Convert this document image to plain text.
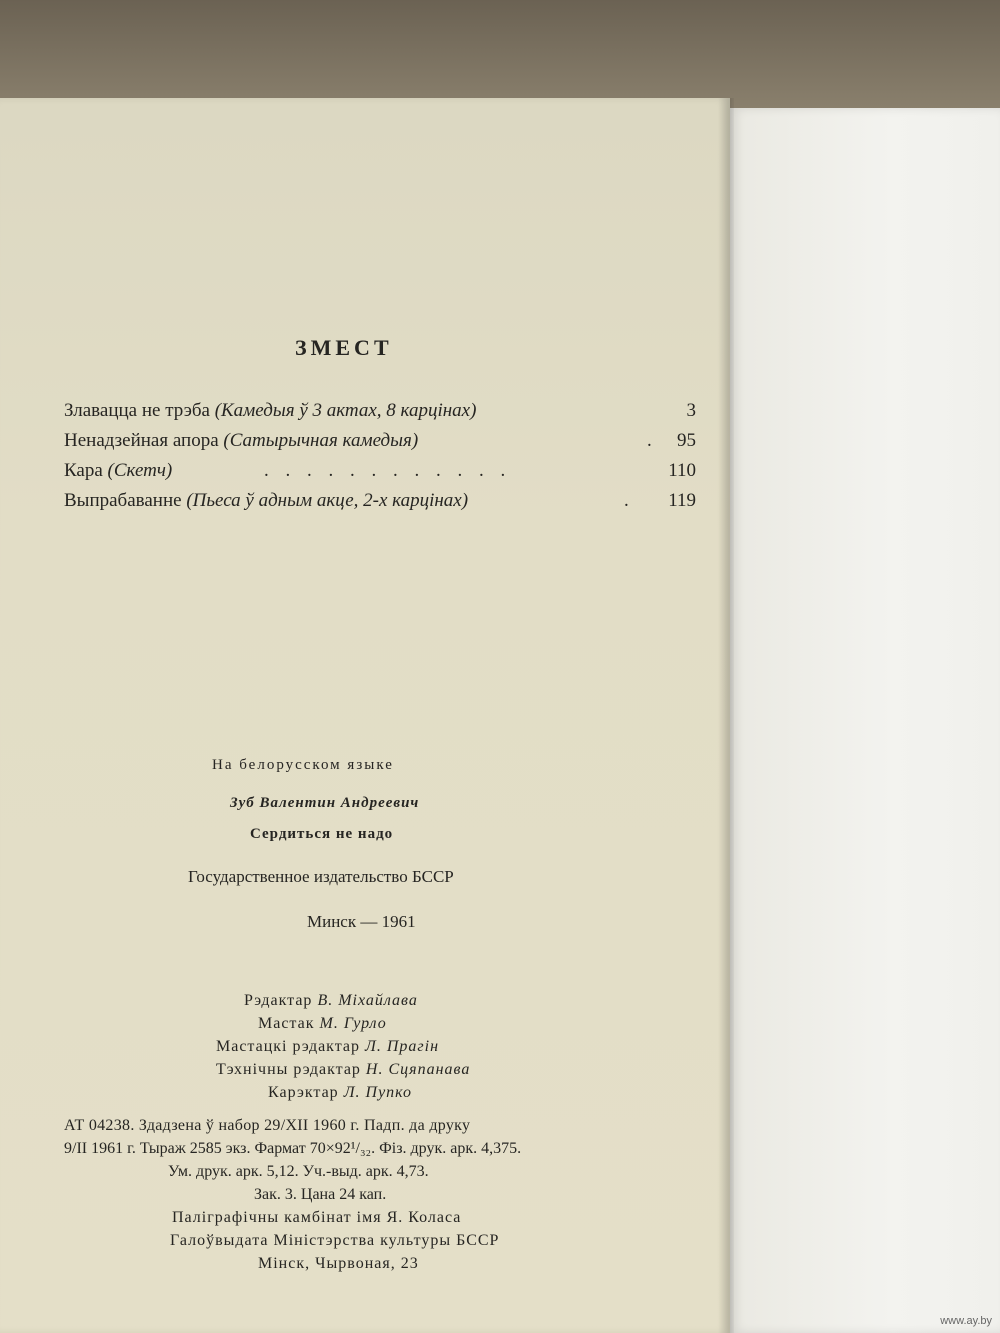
ЗМЕСТ
Злавацца не трэба (Камедыя ў 3 актах, 8 карцінах)	3
Ненадзейная апора (Сатырычная камедыя)	. 95
Кара (Скетч)	. . . . . . . . . . . .	110
Выпрабаванне (Пьеса ў адным акце, 2-х карцінах)	. 119
На белорусском языке
Зуб Валентин Андреевич
Сердиться не надо
Государственное издательство БССР
Минск — 1961
Рэдактар В. Міхайлава
Мастак М. Гурло
Мастацкі рэдактар Л. Прагін
Тэхнічны рэдактар Н. Сцяпанава
Карэктар Л. Пупко
АТ 04238. Здадзена ў набор 29/XII 1960 г. Падп. да друку
9/II 1961 г. Тыраж 2585 экз. Фармат 70×92¹/₃₂. Фіз. друк. арк. 4,375.
Ум. друк. арк. 5,12. Уч.-выд. арк. 4,73.
Зак. 3. Цана 24 кап.
Паліграфічны камбінат імя Я. Коласа
Галоўвыдата Міністэрства культуры БССР
Мінск, Чырвоная, 23
www.ay.by
